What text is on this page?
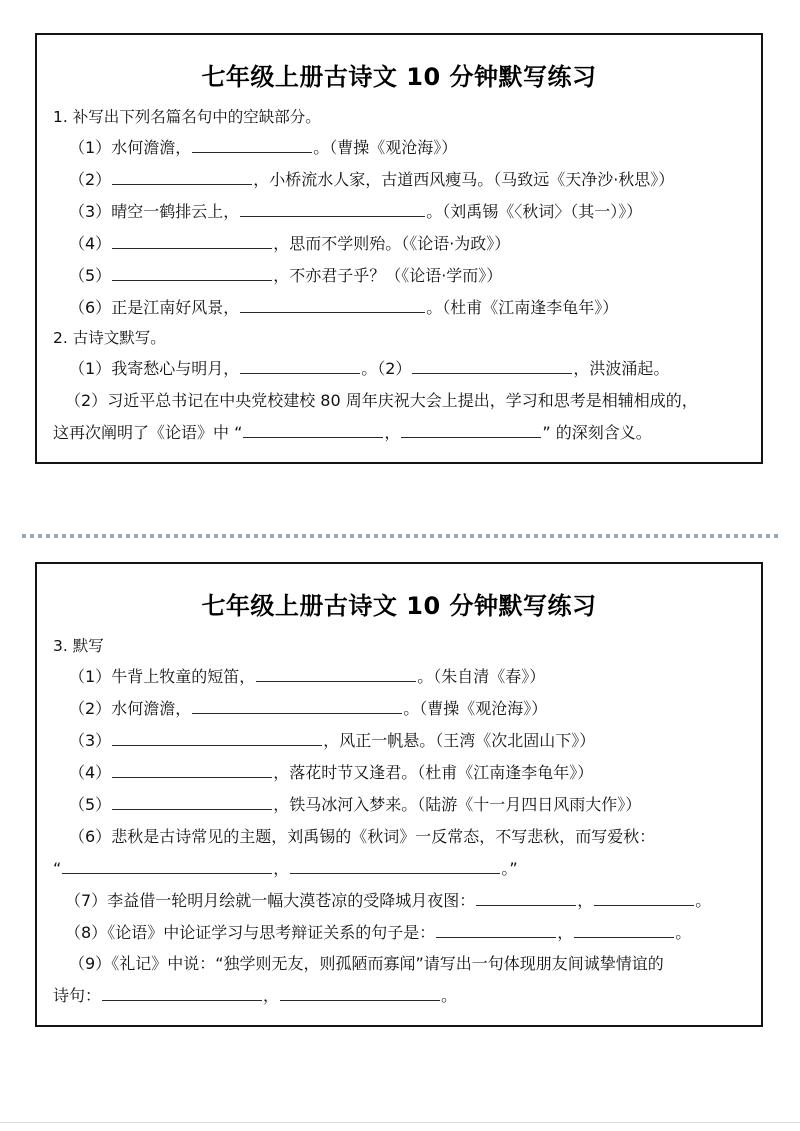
七年级上册古诗文 10 分钟默写练习
1. 补写出下列名篇名句中的空缺部分。
（1）水何澹澹，	。（曹操《观沧海》）
（2）	，小桥流水人家，古道西风瘦马。（马致远《天净沙·秋思》）
（3）晴空一鹤排云上，	。（刘禹锡《〈秋词〉（其一）》）
（4）	，思而不学则殆。（《论语·为政》）
（5）	，不亦君子乎？（《论语·学而》）
（6）正是江南好风景，	。（杜甫《江南逢李龟年》）
2. 古诗文默写。
（1）我寄愁心与明月，	。（2）	，洪波涌起。
（2）习近平总书记在中央党校建校 80 周年庆祝大会上提出，学习和思考是相辅相成的，
这再次阐明了《论语》中 “	，	” 的深刻含义。
七年级上册古诗文 10 分钟默写练习
3. 默写
（1）牛背上牧童的短笛，	。（朱自清《春》）
（2）水何澹澹，	。（曹操《观沧海》）
（3）	，风正一帆悬。（王湾《次北固山下》）
（4）	，落花时节又逢君。（杜甫《江南逢李龟年》）
（5）	，铁马冰河入梦来。（陆游《十一月四日风雨大作》）
（6）悲秋是古诗常见的主题，刘禹锡的《秋词》一反常态，不写悲秋，而写爱秋：
“	，	。”
（7）李益借一轮明月绘就一幅大漠苍凉的受降城月夜图：	，	。
（8）《论语》中论证学习与思考辩证关系的句子是：	，	。
（9）《礼记》中说：“独学则无友，则孤陋而寡闻”请写出一句体现朋友间诚挚情谊的
诗句：	，	。
